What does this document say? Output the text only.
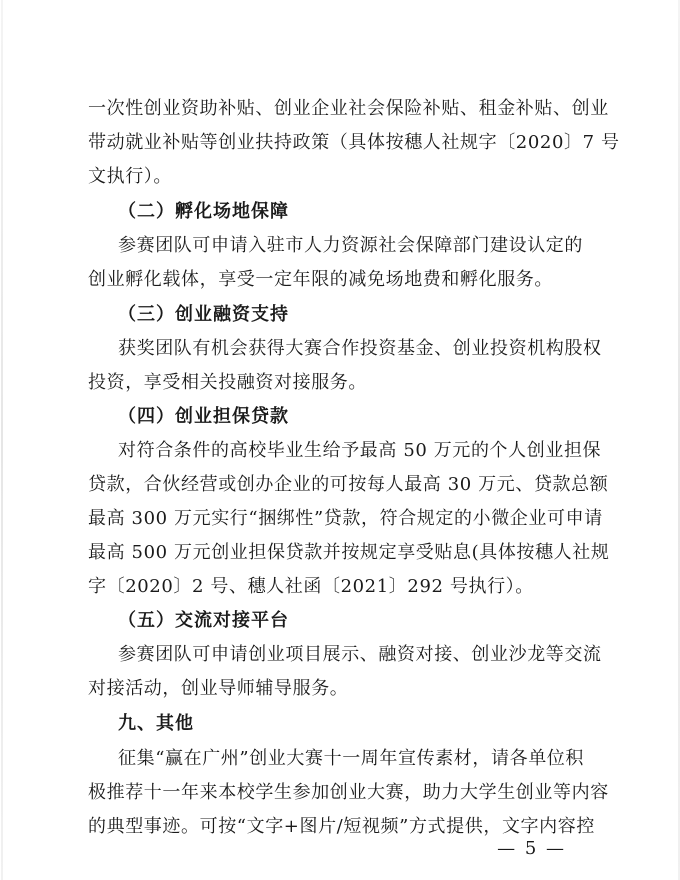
一次性创业资助补贴、创业企业社会保险补贴、租金补贴、创业
带动就业补贴等创业扶持政策（具体按穗人社规字〔2020〕7 号
文执行）。
（二）孵化场地保障
参赛团队可申请入驻市人力资源社会保障部门建设认定的
创业孵化载体，享受一定年限的减免场地费和孵化服务。
（三）创业融资支持
获奖团队有机会获得大赛合作投资基金、创业投资机构股权
投资，享受相关投融资对接服务。
（四）创业担保贷款
对符合条件的高校毕业生给予最高 50 万元的个人创业担保
贷款，合伙经营或创办企业的可按每人最高 30 万元、贷款总额
最高 300 万元实行“捆绑性”贷款，符合规定的小微企业可申请
最高 500 万元创业担保贷款并按规定享受贴息(具体按穗人社规
字〔2020〕2 号、穗人社函〔2021〕292 号执行）。
（五）交流对接平台
参赛团队可申请创业项目展示、融资对接、创业沙龙等交流
对接活动，创业导师辅导服务。
九、其他
征集“赢在广州”创业大赛十一周年宣传素材，请各单位积
极推荐十一年来本校学生参加创业大赛，助力大学生创业等内容
的典型事迹。可按“文字+图片/短视频”方式提供，文字内容控
— 5 —
